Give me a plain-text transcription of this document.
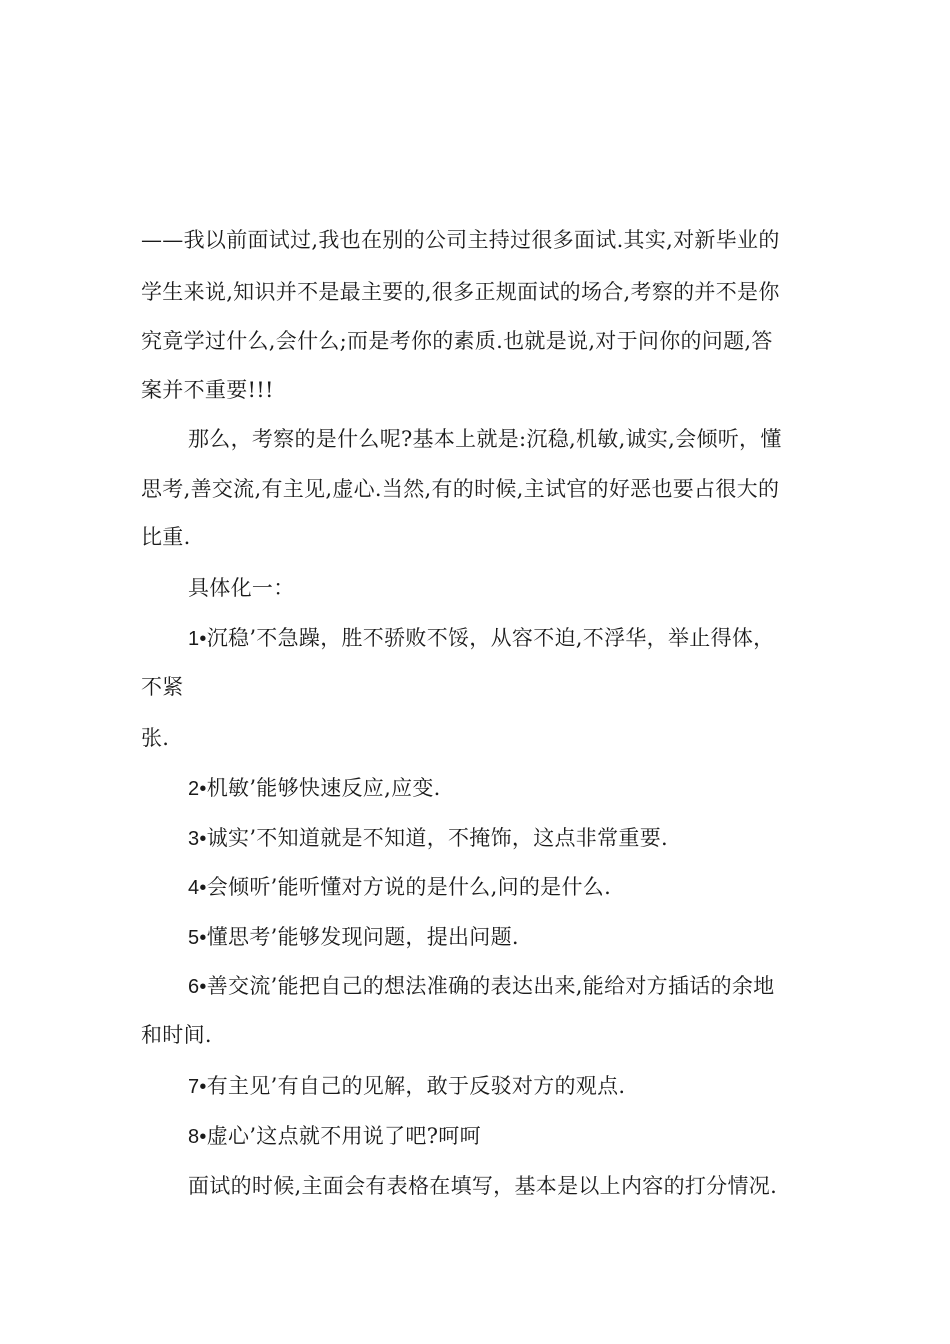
——我以前面试过,我也在别的公司主持过很多面试.其实,对新毕业的
学生来说,知识并不是最主要的,很多正规面试的场合,考察的并不是你
究竟学过什么,会什么;而是考你的素质.也就是说,对于问你的问题,答
案并不重要!!!
那么，考察的是什么呢?基本上就是:沉稳,机敏,诚实,会倾听，懂
思考,善交流,有主见,虚心.当然,有的时候,主试官的好恶也要占很大的
比重.
具体化一：
1•沉稳’不急躁，胜不骄败不馁，从容不迫,不浮华，举止得体，
不紧
张.
2•机敏’能够快速反应,应变.
3•诚实’不知道就是不知道，不掩饰，这点非常重要.
4•会倾听’能听懂对方说的是什么,问的是什么.
5•懂思考’能够发现问题，提出问题.
6•善交流’能把自己的想法准确的表达出来,能给对方插话的余地
和时间.
7•有主见’有自己的见解，敢于反驳对方的观点.
8•虚心’这点就不用说了吧?呵呵
面试的时候,主面会有表格在填写，基本是以上内容的打分情况.
